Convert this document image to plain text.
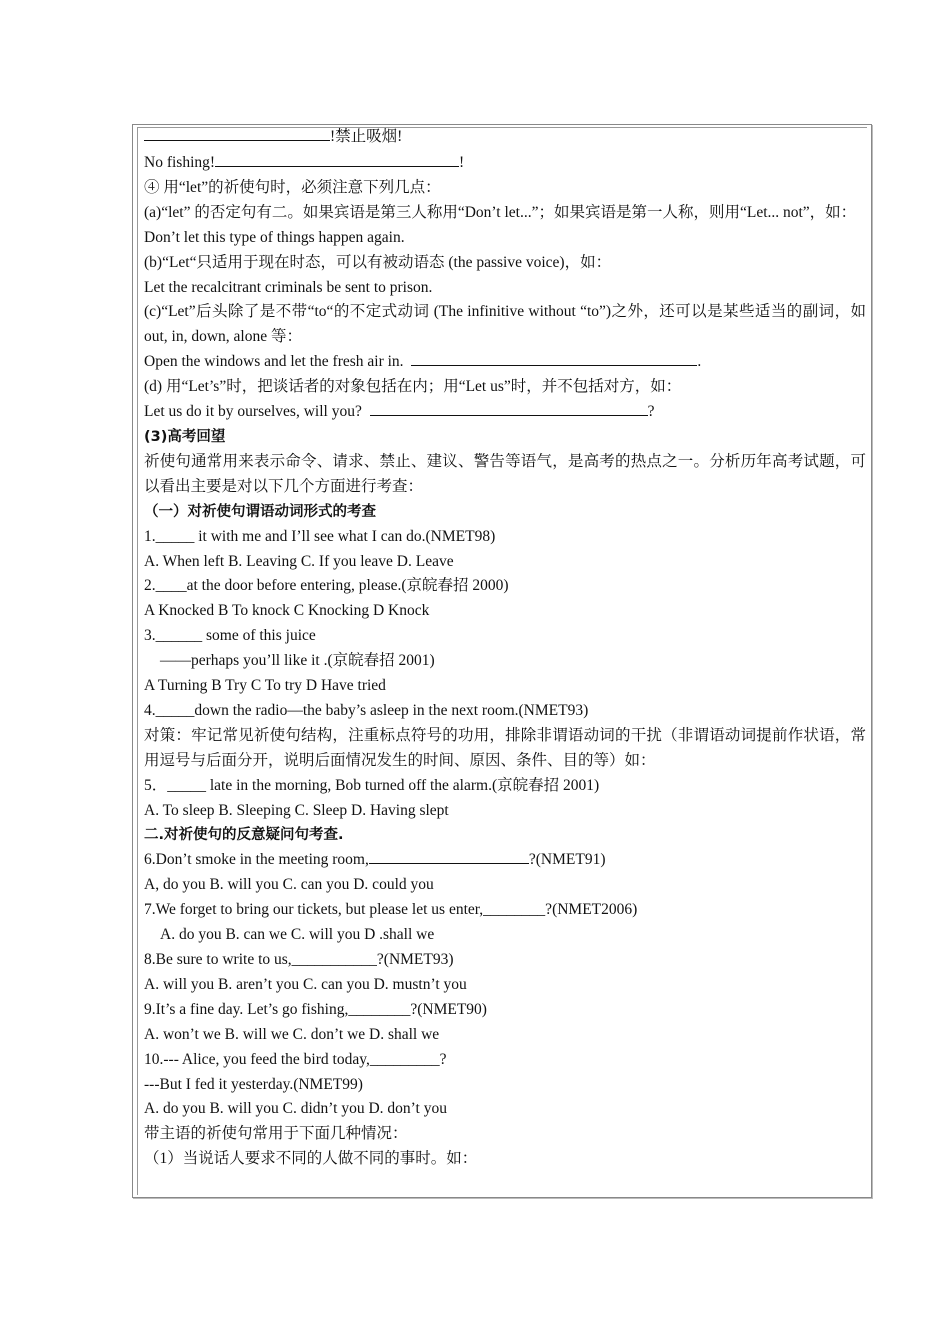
!禁止吸烟!
No fishing!	!
④ 用“let”的祈使句时，必须注意下列几点：
(a)“let” 的否定句有二。如果宾语是第三人称用“Don’t let...”；如果宾语是第一人称，则用“Let... not”，如：
Don’t let this type of things happen again.
(b)“Let“只适用于现在时态，可以有被动语态 (the passive voice)，如：
Let the recalcitrant criminals be sent to prison.
(c)“Let”后头除了是不带“to“的不定式动词 (The infinitive without “to”)之外，还可以是某些适当的副词，如 out, in, down, alone 等：
Open the windows and let the fresh air in.	.
(d) 用“Let’s”时，把谈话者的对象包括在内；用“Let us”时，并不包括对方，如：
Let us do it by ourselves, will you?	?
(3)高考回望
祈使句通常用来表示命令、请求、禁止、建议、警告等语气，是高考的热点之一。分析历年高考试题，可以看出主要是对以下几个方面进行考查：
（一）对祈使句谓语动词形式的考查
1._____ it with me and I’ll see what I can do.(NMET98)
A. When left B. Leaving C. If you leave D. Leave
2.____at the door before entering, please.(京皖春招 2000)
A Knocked B To knock C Knocking D Knock
3.______ some of this juice
——perhaps you’ll like it .(京皖春招 2001)
A Turning B Try C To try D Have tried
4._____down the radio—the baby’s asleep in the next room.(NMET93)
对策：牢记常见祈使句结构，注重标点符号的功用，排除非谓语动词的干扰（非谓语动词提前作状语，常用逗号与后面分开，说明后面情况发生的时间、原因、条件、目的等）如：
5．_____ late in the morning, Bob turned off the alarm.(京皖春招 2001)
A. To sleep B. Sleeping C. Sleep D. Having slept
二.对祈使句的反意疑问句考查.
6.Don’t smoke in the meeting room,	?(NMET91)
A, do you B. will you C. can you D. could you
7.We forget to bring our tickets, but please let us enter,________?(NMET2006)
A. do you B. can we C. will you D .shall we
8.Be sure to write to us,___________?(NMET93)
A. will you B. aren’t you C. can you D. mustn’t you
9.It’s a fine day. Let’s go fishing,________?(NMET90)
A. won’t we B. will we C. don’t we D. shall we
10.--- Alice, you feed the bird today,_________?
---But I fed it yesterday.(NMET99)
A. do you B. will you C. didn’t you D. don’t you
带主语的祈使句常用于下面几种情况：
（1）当说话人要求不同的人做不同的事时。如：
